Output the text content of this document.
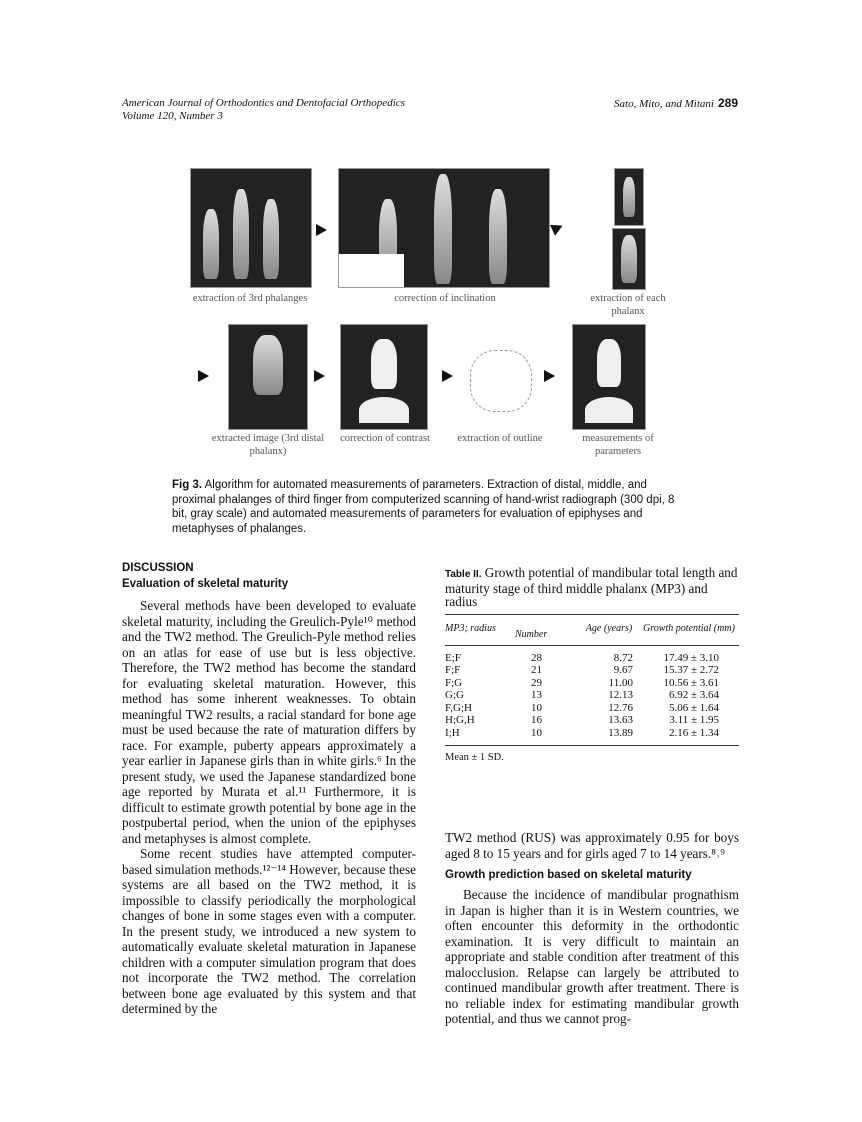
American Journal of Orthodontics and Dentofacial Orthopedics
Volume 120, Number 3
Sato, Mito, and Mitani 289
extraction of 3rd phalanges	correction of inclination	extraction of each phalanx
extracted image (3rd distal phalanx)
correction of contrast	extraction of outline	measurements of parameters
Fig 3. Algorithm for automated measurements of parameters. Extraction of distal, middle, and proximal phalanges of third finger from computerized scanning of hand-wrist radiograph (300 dpi, 8 bit, gray scale) and automated measurements of parameters for evaluation of epiphyses and metaphyses of phalanges.
DISCUSSION
Evaluation of skeletal maturity

Several methods have been developed to evaluate skeletal maturity, including the Greulich-Pyle¹⁰ method and the TW2 method. The Greulich-Pyle method relies on an atlas for ease of use but is less objective. Therefore, the TW2 method has become the standard for evaluating skeletal maturation. However, this method has some inherent weaknesses. To obtain meaningful TW2 results, a racial standard for bone age must be used because the rate of maturation differs by race. For example, puberty appears approximately a year earlier in Japanese girls than in white girls.⁶ In the present study, we used the Japanese standardized bone age reported by Murata et al.¹¹ Furthermore, it is difficult to estimate growth potential by bone age in the postpubertal period, when the union of the epiphyses and metaphyses is almost complete.

Some recent studies have attempted computer-based simulation methods.¹²⁻¹⁴ However, because these systems are all based on the TW2 method, it is impossible to classify periodically the morphological changes of bone in some stages even with a computer. In the present study, we introduced a new system to automatically evaluate skeletal maturation in Japanese children with a computer simulation program that does not incorporate the TW2 method. The correlation between bone age evaluated by this system and that determined by the

Table II. Growth potential of mandibular total length and maturity stage of third middle phalanx (MP3) and radius
MP3; radius	Number	Age (years)	Growth potential (mm)
E;F	28	8.72	17.49 ± 3.10
F;F	21	9.67	15.37 ± 2.72
F;G	29	11.00	10.56 ± 3.61
G;G	13	12.13	6.92 ± 3.64
F,G;H	10	12.76	5.06 ± 1.64
H;G,H	16	13.63	3.11 ± 1.95
I;H	10	13.89	2.16 ± 1.34
Mean ± 1 SD.
TW2 method (RUS) was approximately 0.95 for boys aged 8 to 15 years and for girls aged 7 to 14 years.⁸˒⁹
Growth prediction based on skeletal maturity

Because the incidence of mandibular prognathism in Japan is higher than it is in Western countries, we often encounter this deformity in the orthodontic examination. It is very difficult to maintain an appropriate and stable condition after treatment of this malocclusion. Relapse can largely be attributed to continued mandibular growth after treatment. There is no reliable index for estimating mandibular growth potential, and thus we cannot prog-
